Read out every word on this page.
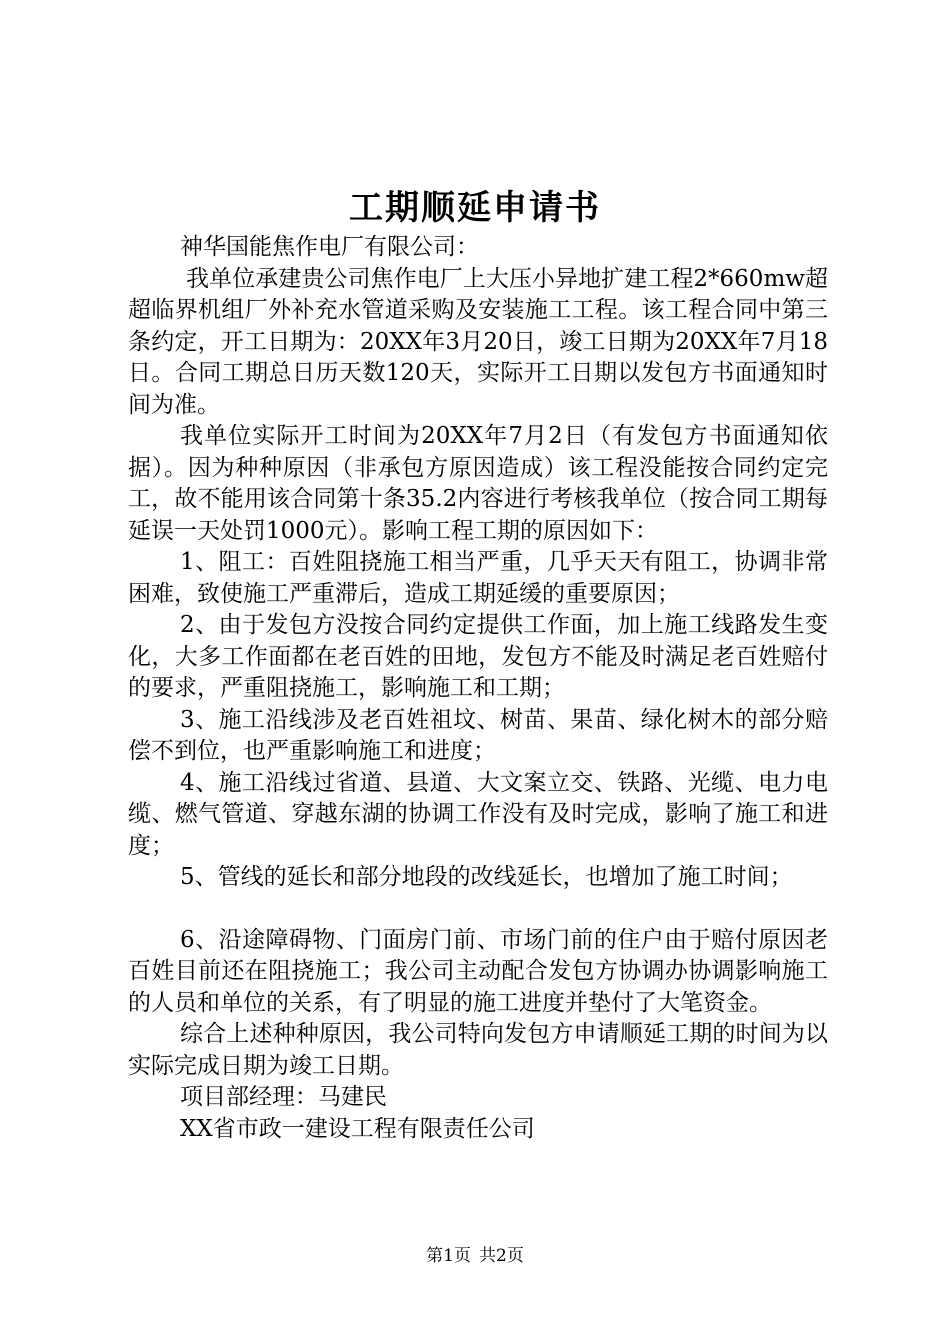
工期顺延申请书

神华国能焦作电厂有限公司：

我单位承建贵公司焦作电厂上大压小异地扩建工程2*660mw超超临界机组厂外补充水管道采购及安装施工工程。该工程合同中第三条约定，开工日期为：20XX年3月20日，竣工日期为20XX年7月18日。合同工期总日历天数120天，实际开工日期以发包方书面通知时间为准。

我单位实际开工时间为20XX年7月2日（有发包方书面通知依据）。因为种种原因（非承包方原因造成）该工程没能按合同约定完工，故不能用该合同第十条35.2内容进行考核我单位（按合同工期每延误一天处罚1000元）。影响工程工期的原因如下：

1、阻工：百姓阻挠施工相当严重，几乎天天有阻工，协调非常困难，致使施工严重滞后，造成工期延缓的重要原因；

2、由于发包方没按合同约定提供工作面，加上施工线路发生变化，大多工作面都在老百姓的田地，发包方不能及时满足老百姓赔付的要求，严重阻挠施工，影响施工和工期；

3、施工沿线涉及老百姓祖坟、树苗、果苗、绿化树木的部分赔偿不到位，也严重影响施工和进度；

4、施工沿线过省道、县道、大文案立交、铁路、光缆、电力电缆、燃气管道、穿越东湖的协调工作没有及时完成，影响了施工和进度；

5、管线的延长和部分地段的改线延长，也增加了施工时间；

6、沿途障碍物、门面房门前、市场门前的住户由于赔付原因老百姓目前还在阻挠施工；我公司主动配合发包方协调办协调影响施工的人员和单位的关系，有了明显的施工进度并垫付了大笔资金。

综合上述种种原因，我公司特向发包方申请顺延工期的时间为以实际完成日期为竣工日期。

项目部经理：马建民

XX省市政一建设工程有限责任公司

第1页 共2页
